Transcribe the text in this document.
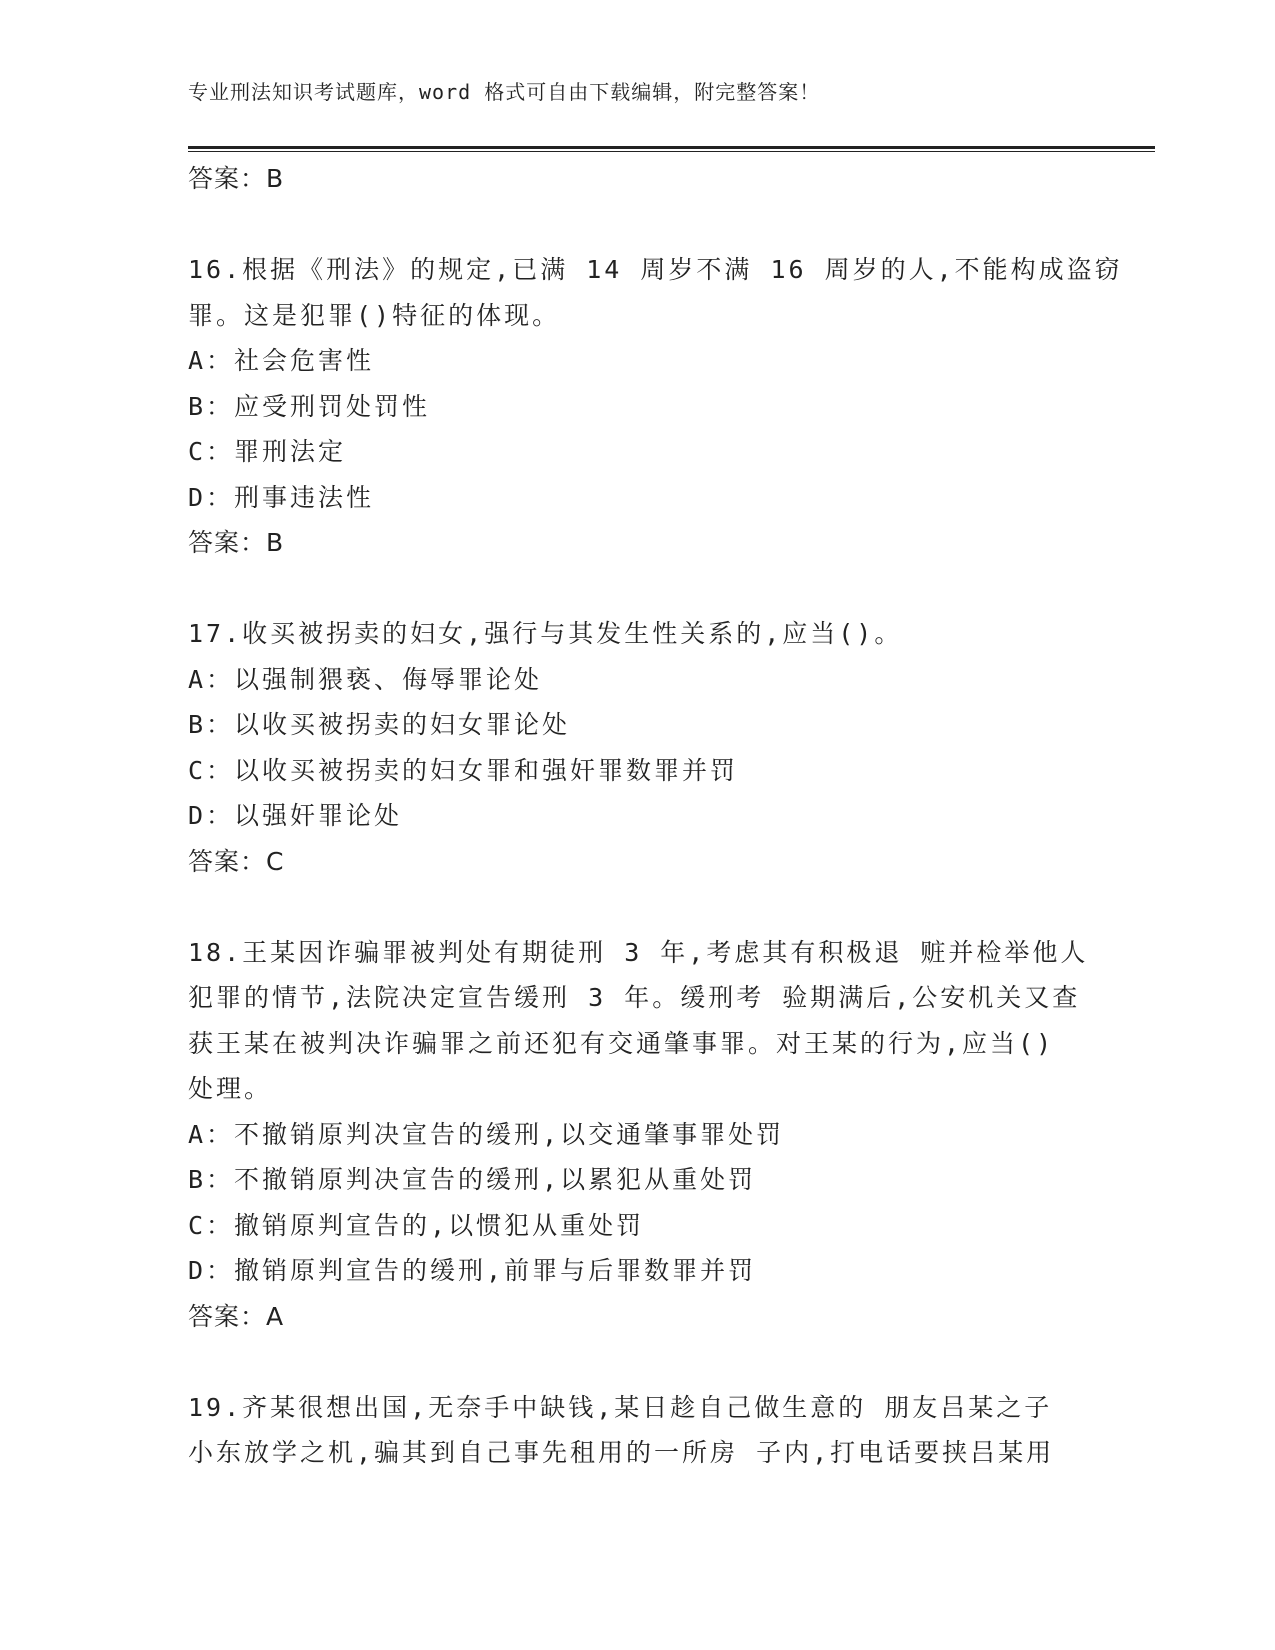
专业刑法知识考试题库，word 格式可自由下载编辑，附完整答案！
答案：B
16.根据《刑法》的规定,已满 14 周岁不满 16 周岁的人,不能构成盗窃
罪。这是犯罪()特征的体现。
A：社会危害性
B：应受刑罚处罚性
C：罪刑法定
D：刑事违法性
答案：B
17.收买被拐卖的妇女,强行与其发生性关系的,应当()。
A：以强制猥亵、侮辱罪论处
B：以收买被拐卖的妇女罪论处
C：以收买被拐卖的妇女罪和强奸罪数罪并罚
D：以强奸罪论处
答案：C
18.王某因诈骗罪被判处有期徒刑 3 年,考虑其有积极退 赃并检举他人
犯罪的情节,法院决定宣告缓刑 3 年。缓刑考 验期满后,公安机关又查
获王某在被判决诈骗罪之前还犯有交通肇事罪。对王某的行为,应当()
处理。
A：不撤销原判决宣告的缓刑,以交通肇事罪处罚
B：不撤销原判决宣告的缓刑,以累犯从重处罚
C：撤销原判宣告的,以惯犯从重处罚
D：撤销原判宣告的缓刑,前罪与后罪数罪并罚
答案：A
19.齐某很想出国,无奈手中缺钱,某日趁自己做生意的 朋友吕某之子
小东放学之机,骗其到自己事先租用的一所房 子内,打电话要挟吕某用
